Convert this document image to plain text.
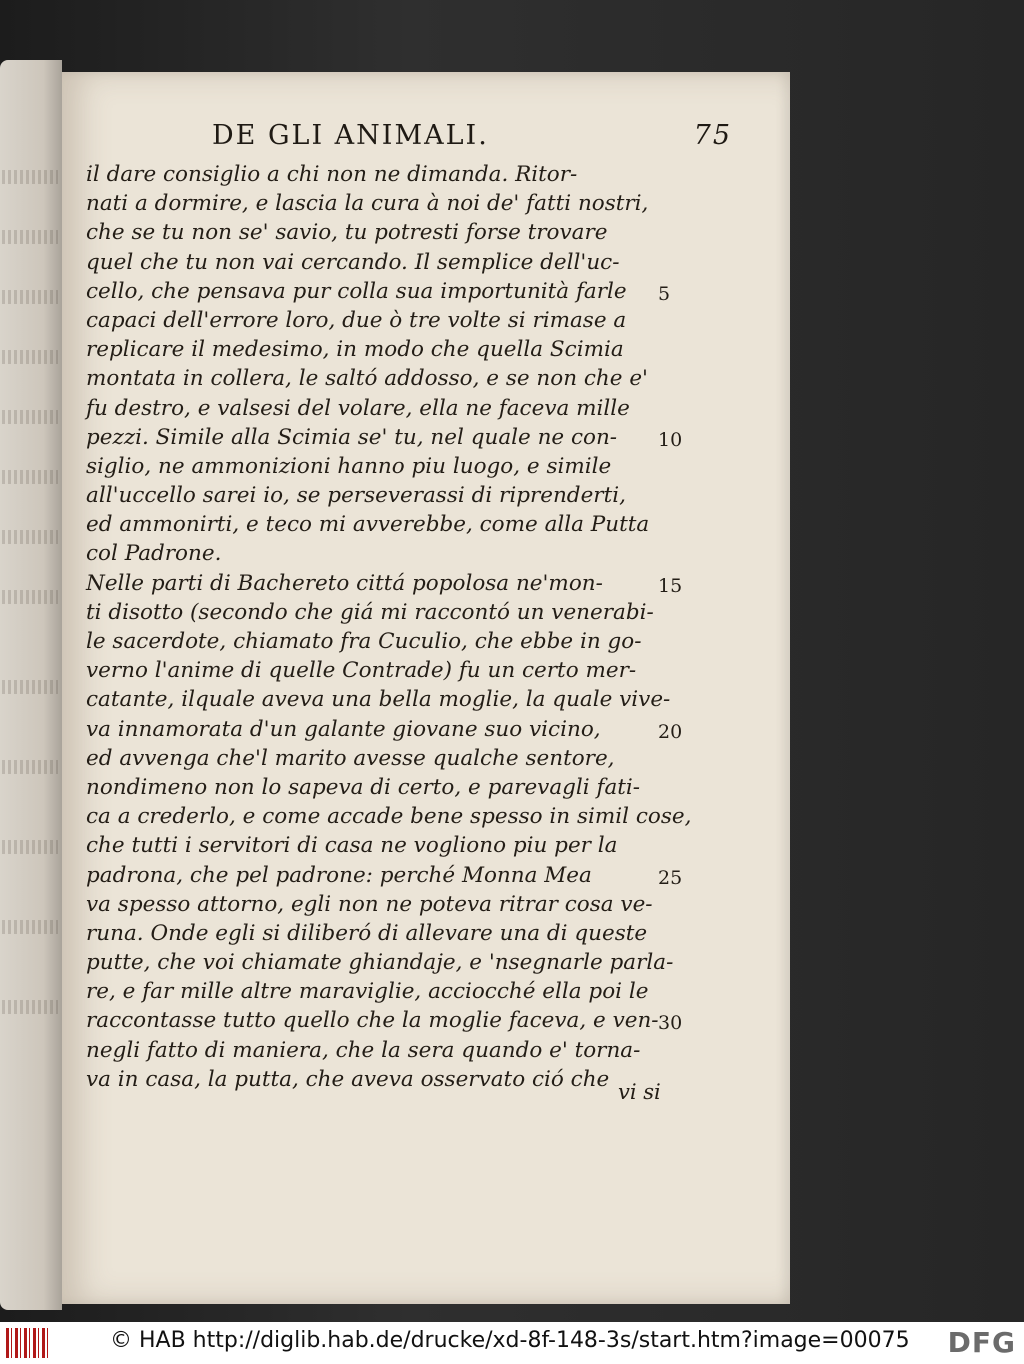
DE GLI ANIMALI.	75
il dare consiglio a chi non ne dimanda. Ritor-
nati a dormire, e lascia la cura à noi de' fatti nostri,
che se tu non se' savio, tu potresti forse trovare
quel che tu non vai cercando. Il semplice dell'uc-
cello, che pensava pur colla sua importunità farle 5
capaci dell'errore loro, due ò tre volte si rimase a
replicare il medesimo, in modo che quella Scimia
montata in collera, le saltó addosso, e se non che e'
fu destro, e valsesi del volare, ella ne faceva mille
pezzi. Simile alla Scimia se' tu, nel quale ne con- 10
siglio, ne ammonizioni hanno piu luogo, e simile
all'uccello sarei io, se perseverassi di riprenderti,
ed ammonirti, e teco mi avverebbe, come alla Putta
col Padrone.
Nelle parti di Bachereto cittá popolosa ne'mon-	15
ti disotto (secondo che giá mi raccontó un venerabi-
le sacerdote, chiamato fra Cuculio, che ebbe in go-
verno l'anime di quelle Contrade) fu un certo mer-
catante, ilquale aveva una bella moglie, la quale vive-
va innamorata d'un galante giovane suo vicino,	20
ed avvenga che'l marito avesse qualche sentore,
nondimeno non lo sapeva di certo, e parevagli fati-
ca a crederlo, e come accade bene spesso in simil cose,
che tutti i servitori di casa ne vogliono piu per la
padrona, che pel padrone: perché Monna Mea	25
va spesso attorno, egli non ne poteva ritrar cosa ve-
runa. Onde egli si diliberó di allevare una di queste
putte, che voi chiamate ghiandaje, e 'nsegnarle parla-
re, e far mille altre maraviglie, acciocché ella poi le
raccontasse tutto quello che la moglie faceva, e ven- 30
negli fatto di maniera, che la sera quando e' torna-
va in casa, la putta, che aveva osservato ció che
vi si
© HAB http://diglib.hab.de/drucke/xd-8f-148-3s/start.htm?image=00075 DFG
